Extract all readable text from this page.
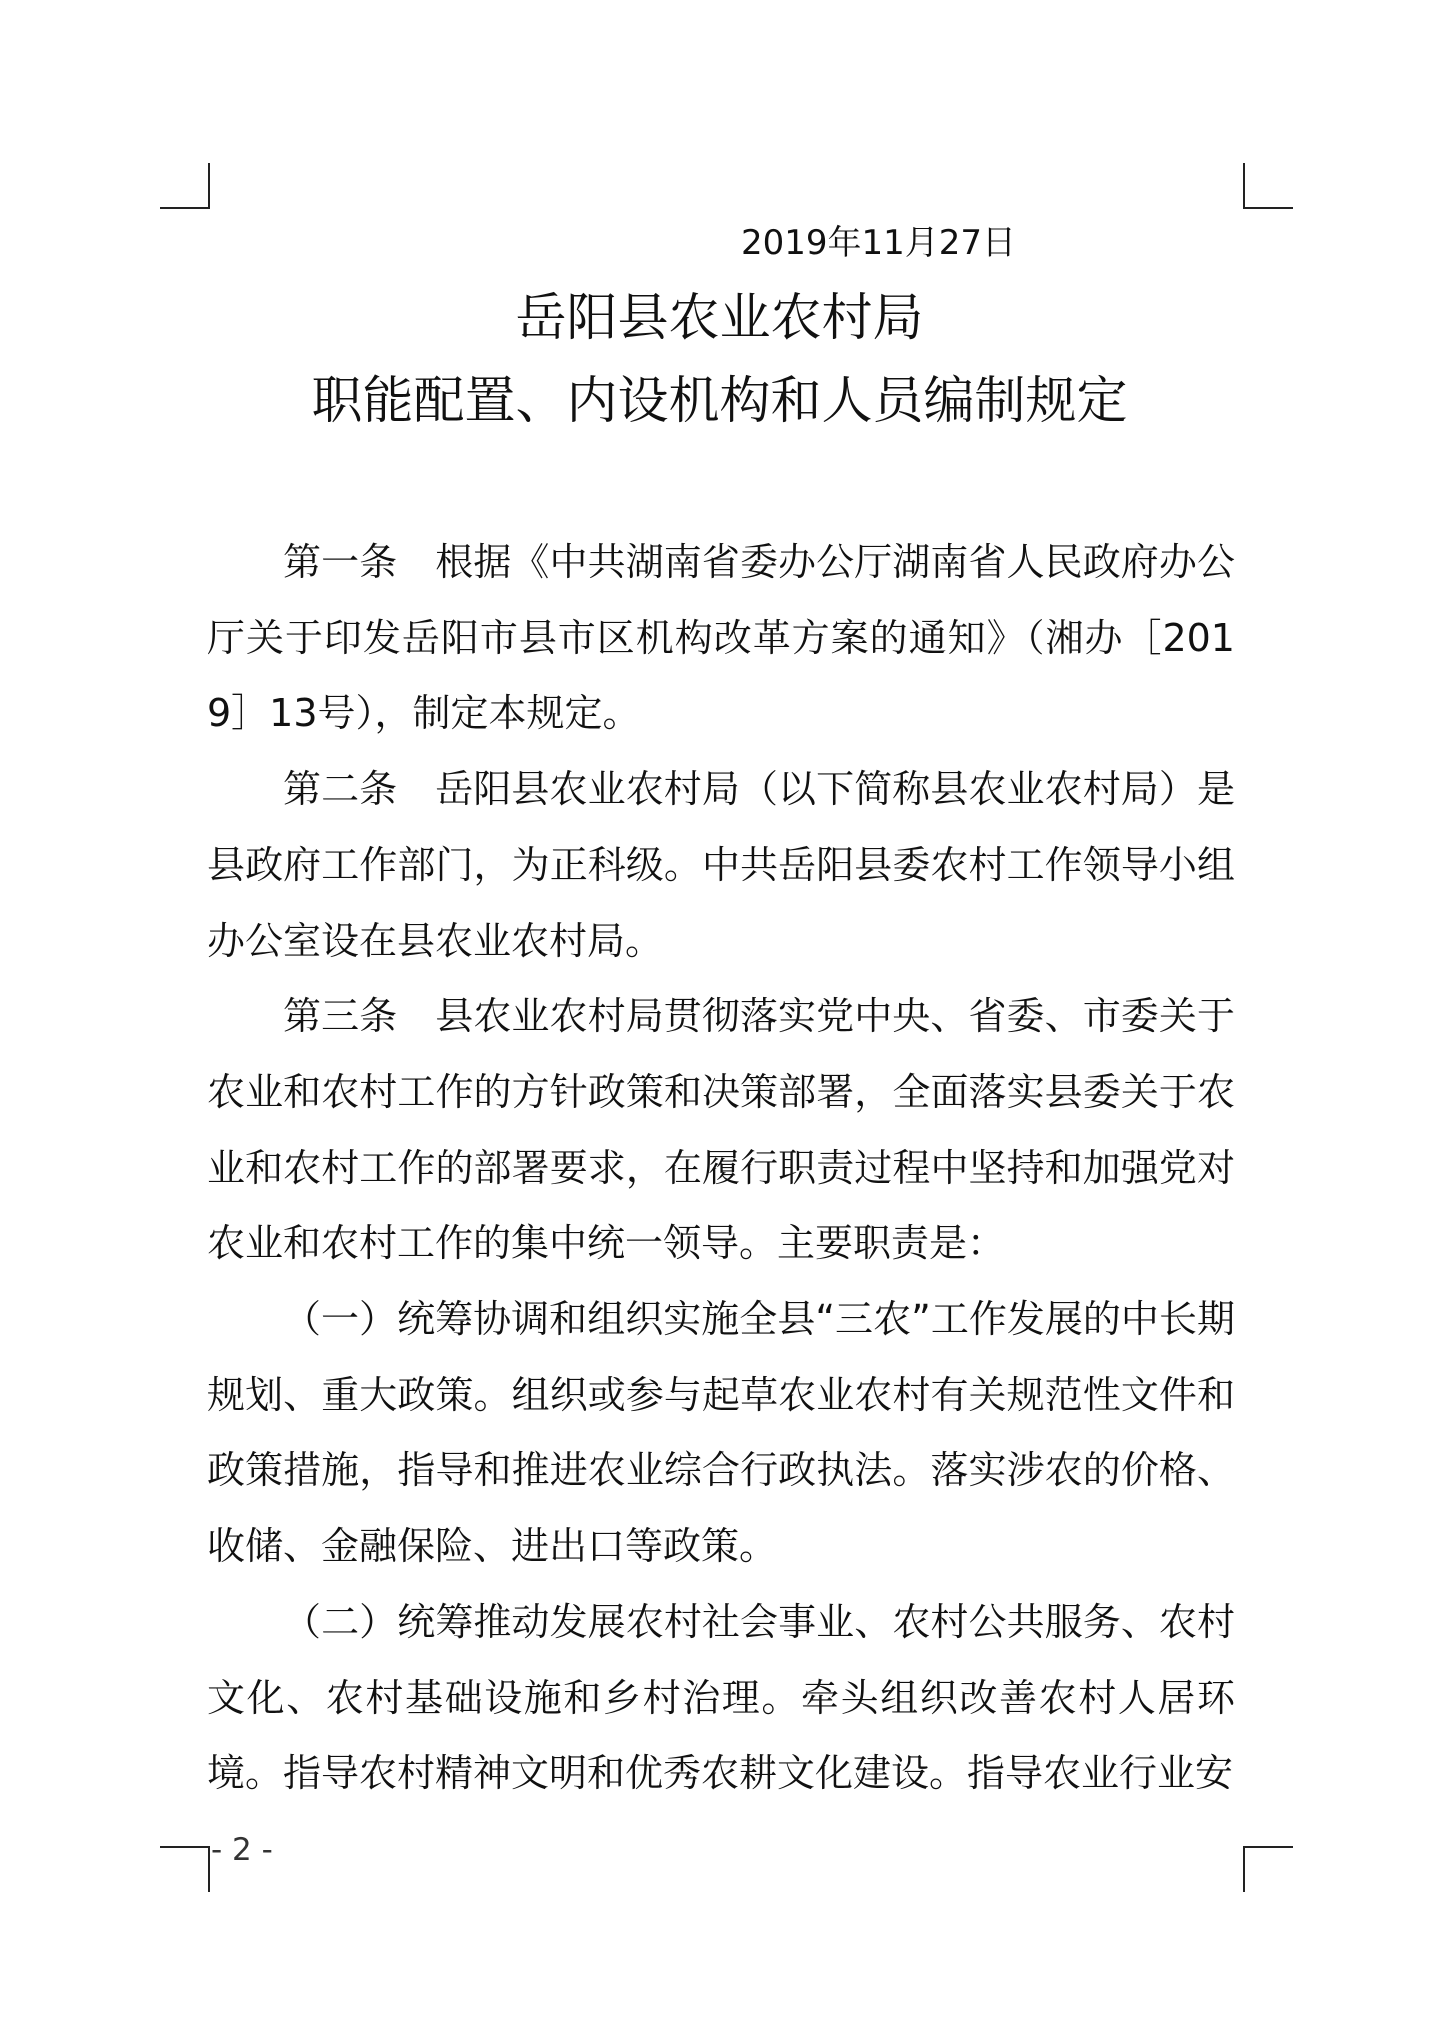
2019年11月27日
岳阳县农业农村局
职能配置、内设机构和人员编制规定

第一条 根据《中共湖南省委办公厅湖南省人民政府办公厅关于印发岳阳市县市区机构改革方案的通知》（湘办［2019］13号），制定本规定。

第二条 岳阳县农业农村局（以下简称县农业农村局）是县政府工作部门，为正科级。中共岳阳县委农村工作领导小组办公室设在县农业农村局。

第三条 县农业农村局贯彻落实党中央、省委、市委关于农业和农村工作的方针政策和决策部署，全面落实县委关于农业和农村工作的部署要求，在履行职责过程中坚持和加强党对农业和农村工作的集中统一领导。主要职责是：

（一）统筹协调和组织实施全县“三农”工作发展的中长期规划、重大政策。组织或参与起草农业农村有关规范性文件和政策措施，指导和推进农业综合行政执法。落实涉农的价格、收储、金融保险、进出口等政策。

（二）统筹推动发展农村社会事业、农村公共服务、农村文化、农村基础设施和乡村治理。牵头组织改善农村人居环境。指导农村精神文明和优秀农耕文化建设。指导农业行业安

- 2 -
